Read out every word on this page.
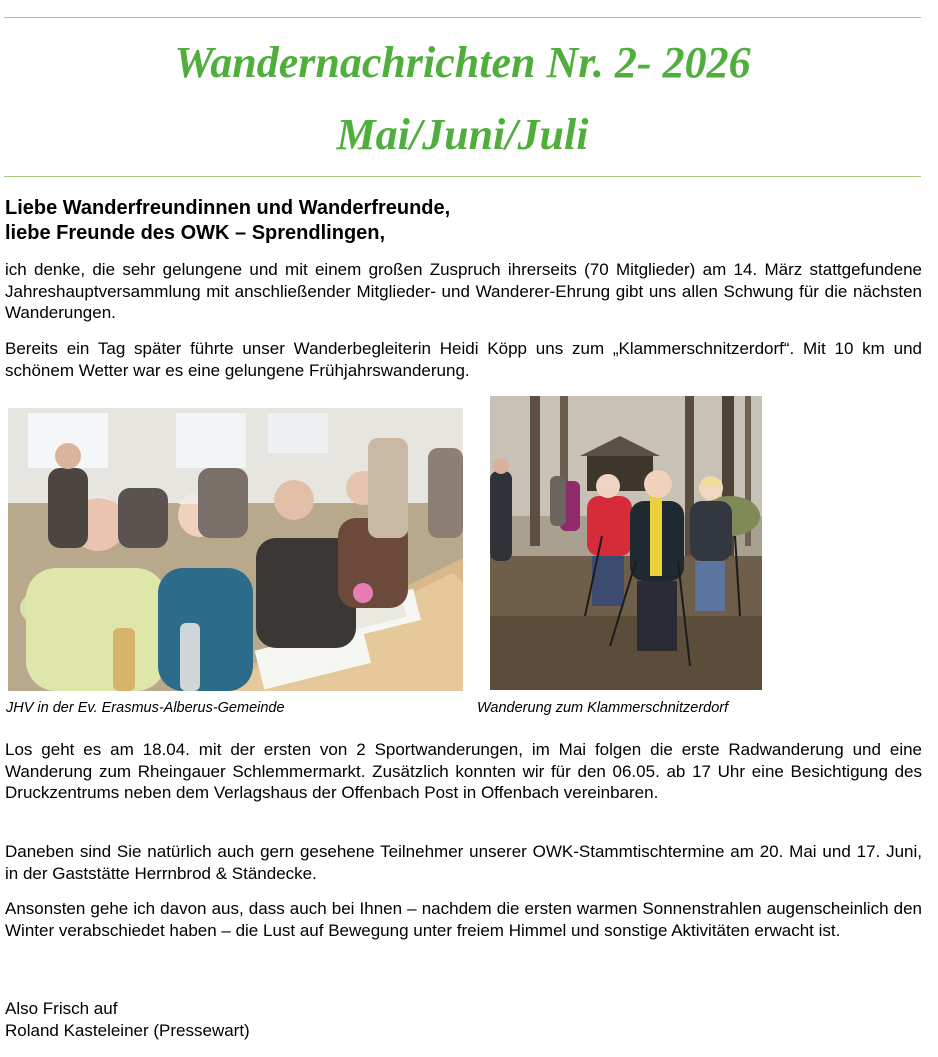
Wandernachrichten Nr. 2- 2026
Mai/Juni/Juli
Liebe Wanderfreundinnen und Wanderfreunde,
liebe Freunde des OWK – Sprendlingen,

ich denke, die sehr gelungene und mit einem großen Zuspruch ihrerseits (70 Mitglieder) am 14. März stattgefundene Jahreshauptversammlung mit anschließender Mitglieder- und Wanderer-Ehrung gibt uns allen Schwung für die nächsten Wanderungen.

Bereits ein Tag später führte unser Wanderbegleiterin Heidi Köpp uns zum „Klammerschnitzerdorf“. Mit 10 km und schönem Wetter war es eine gelungene Frühjahrswanderung.

JHV in der Ev. Erasmus-Alberus-Gemeinde	Wanderung zum Klammerschnitzerdorf

Los geht es am 18.04. mit der ersten von 2 Sportwanderungen, im Mai folgen die erste Radwanderung und eine Wanderung zum Rheingauer Schlemmermarkt. Zusätzlich konnten wir für den 06.05. ab 17 Uhr eine Besichtigung des Druckzentrums neben dem Verlagshaus der Offenbach Post in Offenbach vereinbaren.

Daneben sind Sie natürlich auch gern gesehene Teilnehmer unserer OWK-Stammtischtermine am 20. Mai und 17. Juni, in der Gaststätte Herrnbrod & Ständecke.

Ansonsten gehe ich davon aus, dass auch bei Ihnen – nachdem die ersten warmen Sonnenstrahlen augenscheinlich den Winter verabschiedet haben – die Lust auf Bewegung unter freiem Himmel und sonstige Aktivitäten erwacht ist.

Also Frisch auf
Roland Kasteleiner (Pressewart)
